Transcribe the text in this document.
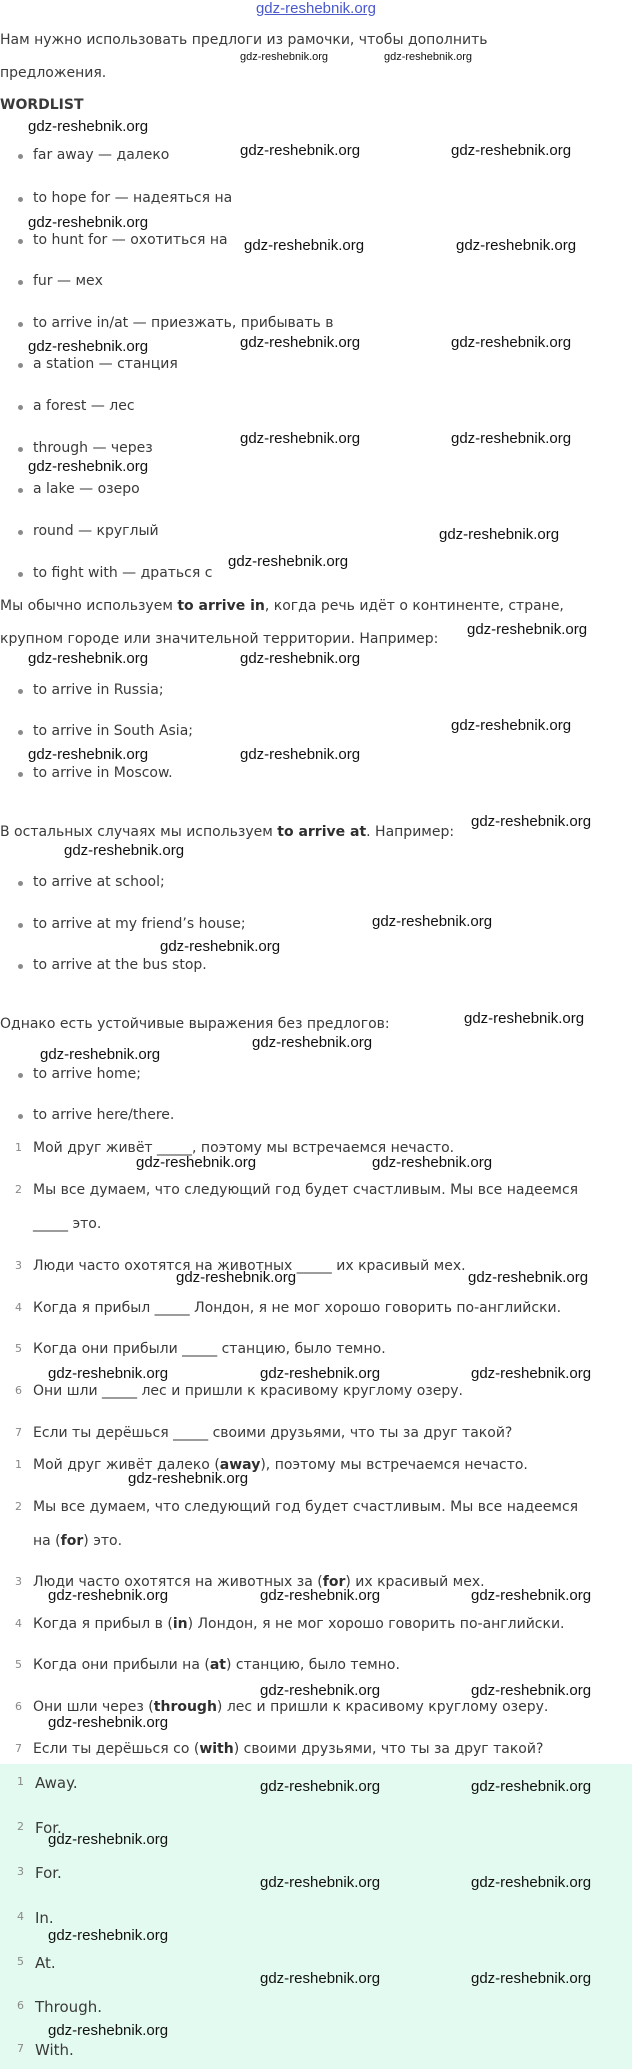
gdz-reshebnik.org
Нам нужно использовать предлоги из рамочки, чтобы дополнить
предложения.
WORDLIST
far away — далеко
to hope for — надеяться на
to hunt for — охотиться на
fur — мех
to arrive in/at — приезжать, прибывать в
a station — станция
a forest — лес
through — через
a lake — озеро
round — круглый
to fight with — драться с
Мы обычно используем to arrive in, когда речь идёт о континенте, стране,
крупном городе или значительной территории. Например:
to arrive in Russia;
to arrive in South Asia;
to arrive in Moscow.
В остальных случаях мы используем to arrive at. Например:
to arrive at school;
to arrive at my friend’s house;
to arrive at the bus stop.
Однако есть устойчивые выражения без предлогов:
to arrive home;
to arrive here/there.
1 Мой друг живёт _____, поэтому мы встречаемся нечасто.
2 Мы все думаем, что следующий год будет счастливым. Мы все надеемся
_____ это.
3 Люди часто охотятся на животных _____ их красивый мех.
4 Когда я прибыл _____ Лондон, я не мог хорошо говорить по-английски.
5 Когда они прибыли _____ станцию, было темно.
6 Они шли _____ лес и пришли к красивому круглому озеру.
7 Если ты дерёшься _____ своими друзьями, что ты за друг такой?
1 Мой друг живёт далеко (away), поэтому мы встречаемся нечасто.
2 Мы все думаем, что следующий год будет счастливым. Мы все надеемся
на (for) это.
3 Люди часто охотятся на животных за (for) их красивый мех.
4 Когда я прибыл в (in) Лондон, я не мог хорошо говорить по-английски.
5 Когда они прибыли на (at) станцию, было темно.
6 Они шли через (through) лес и пришли к красивому круглому озеру.
7 Если ты дерёшься со (with) своими друзьями, что ты за друг такой?
1 Away.
2 For.
3 For.
4 In.
5 At.
6 Through.
7 With.
gdz-reshebnik.org	gdz-reshebnik.org
gdz-reshebnik.org
gdz-reshebnik.org	gdz-reshebnik.org
gdz-reshebnik.org
gdz-reshebnik.org	gdz-reshebnik.org
gdz-reshebnik.org	gdz-reshebnik.org
gdz-reshebnik.org
gdz-reshebnik.org	gdz-reshebnik.org
gdz-reshebnik.org
gdz-reshebnik.org
gdz-reshebnik.org
gdz-reshebnik.org
gdz-reshebnik.org	gdz-reshebnik.org
gdz-reshebnik.org
gdz-reshebnik.org	gdz-reshebnik.org
gdz-reshebnik.org
gdz-reshebnik.org
gdz-reshebnik.org
gdz-reshebnik.org
gdz-reshebnik.org
gdz-reshebnik.org
gdz-reshebnik.org
gdz-reshebnik.org	gdz-reshebnik.org
gdz-reshebnik.org	gdz-reshebnik.org
gdz-reshebnik.org	gdz-reshebnik.org	gdz-reshebnik.org
gdz-reshebnik.org
gdz-reshebnik.org	gdz-reshebnik.org	gdz-reshebnik.org
gdz-reshebnik.org	gdz-reshebnik.org
gdz-reshebnik.org
gdz-reshebnik.org	gdz-reshebnik.org
gdz-reshebnik.org
gdz-reshebnik.org	gdz-reshebnik.org
gdz-reshebnik.org
gdz-reshebnik.org	gdz-reshebnik.org
gdz-reshebnik.org
